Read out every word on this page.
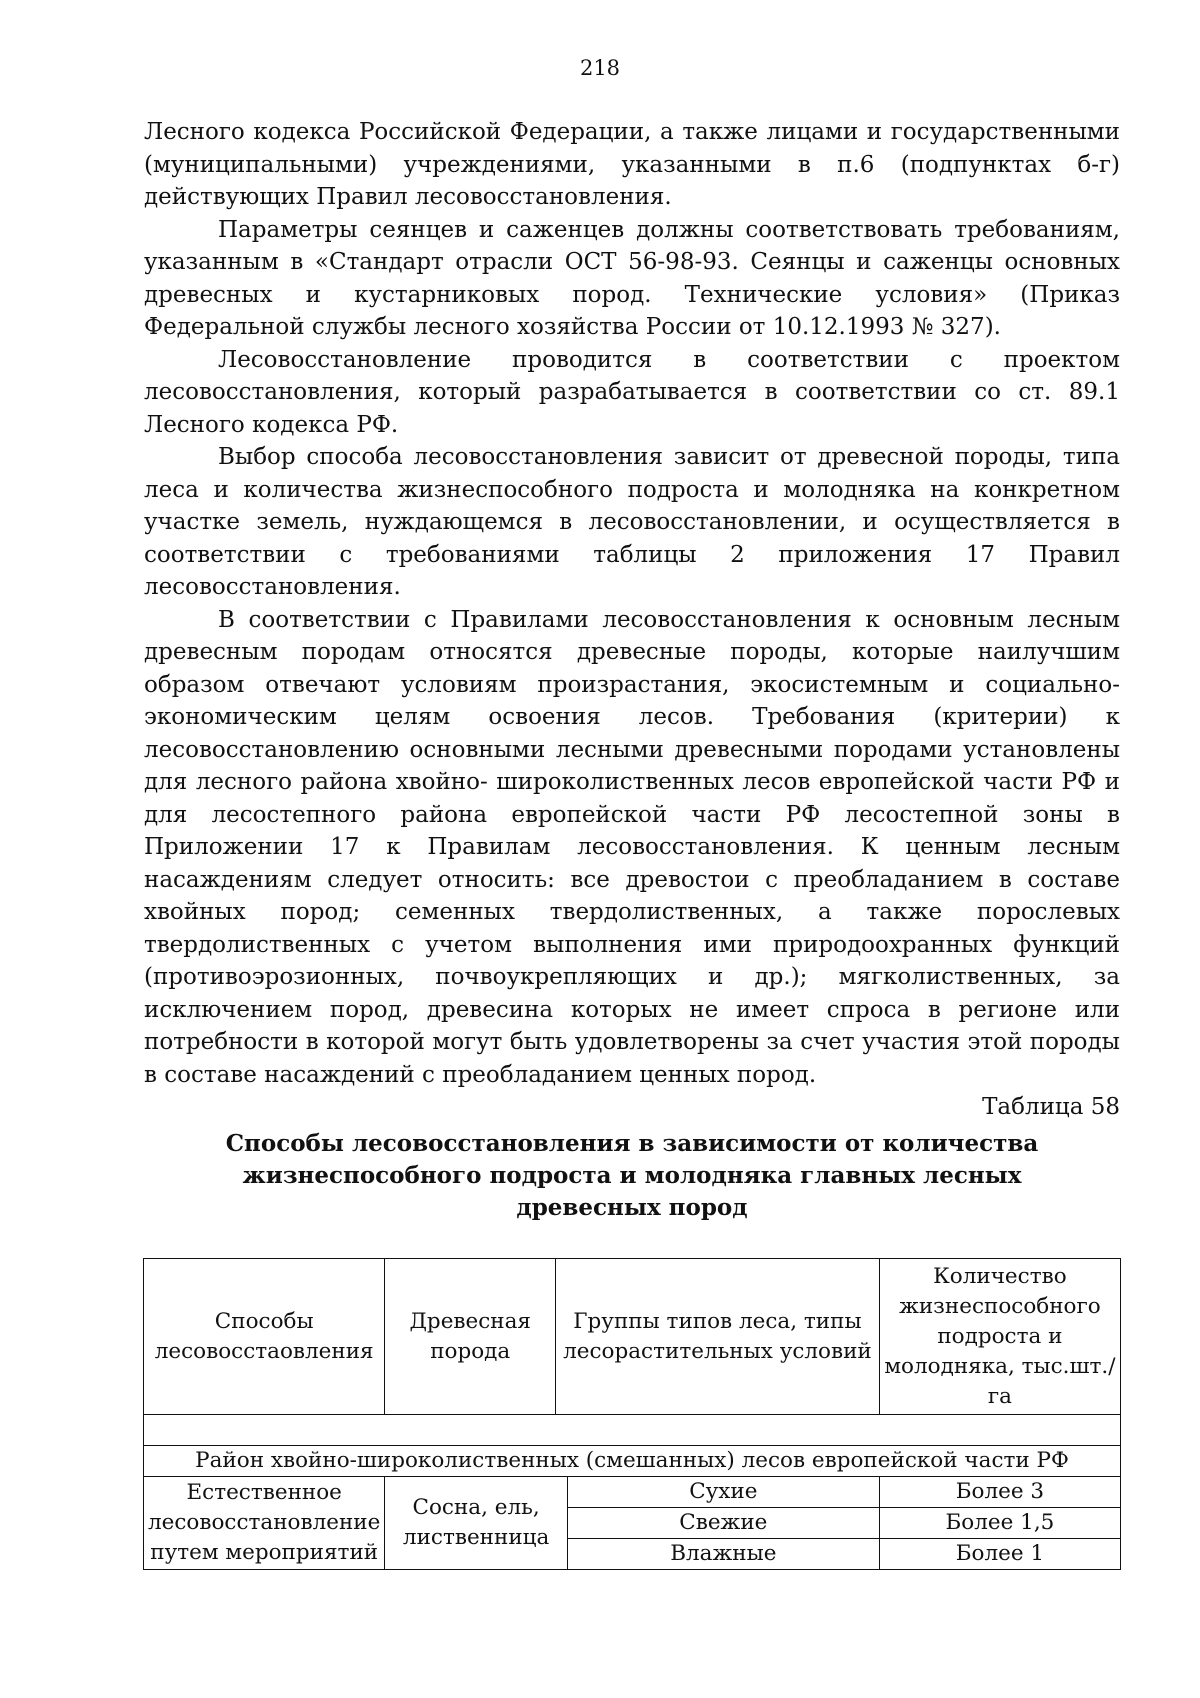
218

Лесного кодекса Российской Федерации, а также лицами и государственными (муниципальными) учреждениями, указанными в п.6 (подпунктах б-г) действующих Правил лесовосстановления.

Параметры сеянцев и саженцев должны соответствовать требованиям, указанным в «Стандарт отрасли ОСТ 56-98-93. Сеянцы и саженцы основных древесных и кустарниковых пород. Технические условия» (Приказ Федеральной службы лесного хозяйства России от 10.12.1993 № 327).

Лесовосстановление проводится в соответствии с проектом лесовосстановления, который разрабатывается в соответствии со ст. 89.1 Лесного кодекса РФ.

Выбор способа лесовосстановления зависит от древесной породы, типа леса и количества жизнеспособного подроста и молодняка на конкретном участке земель, нуждающемся в лесовосстановлении, и осуществляется в соответствии с требованиями таблицы 2 приложения 17 Правил лесовосстановления.

В соответствии с Правилами лесовосстановления к основным лесным древесным породам относятся древесные породы, которые наилучшим образом отвечают условиям произрастания, экосистемным и социально-экономическим целям освоения лесов. Требования (критерии) к лесовосстановлению основными лесными древесными породами установлены для лесного района хвойно- широколиственных лесов европейской части РФ и для лесостепного района европейской части РФ лесостепной зоны в Приложении 17 к Правилам лесовосстановления. К ценным лесным насаждениям следует относить: все древостои с преобладанием в составе хвойных пород; семенных твердолиственных, а также порослевых твердолиственных с учетом выполнения ими природоохранных функций (противоэрозионных, почвоукрепляющих и др.); мягколиственных, за исключением пород, древесина которых не имеет спроса в регионе или потребности в которой могут быть удовлетворены за счет участия этой породы в составе насаждений с преобладанием ценных пород.

Таблица 58
Способы лесовосстановления в зависимости от количества жизнеспособного подроста и молодняка главных лесных древесных пород
Способы лесовосстаовления	Древесная порода	Группы типов леса, типы лесорастительных условий		Количество жизнеспособного подроста и молодняка, тыс.шт./га

Район хвойно-широколиственных (смешанных) лесов европейской части РФ				
Естественное лесовосстановление путем мероприятий	Сосна, ель, лиственница		Сухие	Более 3
			Свежие	Более 1,5
			Влажные	Более 1
